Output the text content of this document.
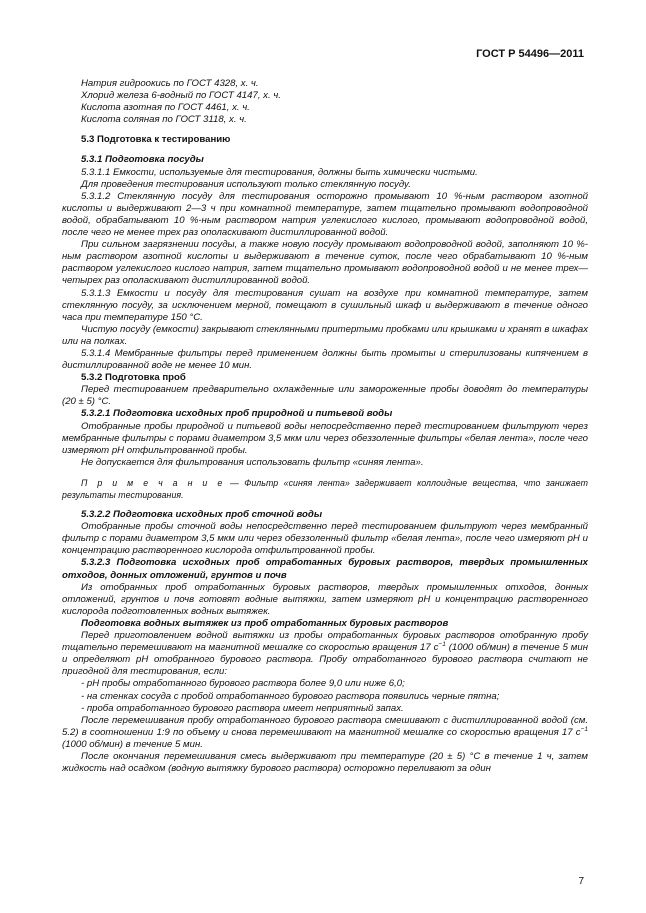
ГОСТ Р 54496—2011

Натрия гидроокись по ГОСТ 4328, х. ч.

Хлорид железа 6-водный по ГОСТ 4147, х. ч.

Кислота азотная по ГОСТ 4461, х. ч.

Кислота соляная по ГОСТ 3118, х. ч.

5.3 Подготовка к тестированию

5.3.1 Подготовка посуды

5.3.1.1 Емкости, используемые для тестирования, должны быть химически чистыми.

Для проведения тестирования используют только стеклянную посуду.

5.3.1.2 Стеклянную посуду для тестирования осторожно промывают 10 %-ным раствором азотной кислоты и выдерживают 2—3 ч при комнатной температуре, затем тщательно промывают водопроводной водой, обрабатывают 10 %-ным раствором натрия углекислого кислого, промывают водопроводной водой, после чего не менее трех раз ополаскивают дистиллированной водой.

При сильном загрязнении посуды, а также новую посуду промывают водопроводной водой, заполняют 10 %-ным раствором азотной кислоты и выдерживают в течение суток, после чего обрабатывают 10 %-ным раствором углекислого кислого натрия, затем тщательно промывают водопроводной водой и не менее трех—четырех раз ополаскивают дистиллированной водой.

5.3.1.3 Емкости и посуду для тестирования сушат на воздухе при комнатной температуре, затем стеклянную посуду, за исключением мерной, помещают в сушильный шкаф и выдерживают в течение одного часа при температуре 150 °С.

Чистую посуду (емкости) закрывают стеклянными притертыми пробками или крышками и хранят в шкафах или на полках.

5.3.1.4 Мембранные фильтры перед применением должны быть промыты и стерилизованы кипячением в дистиллированной воде не менее 10 мин.

5.3.2 Подготовка проб

Перед тестированием предварительно охлажденные или замороженные пробы доводят до температуры (20 ± 5) °С.

5.3.2.1 Подготовка исходных проб природной и питьевой воды

Отобранные пробы природной и питьевой воды непосредственно перед тестированием фильтруют через мембранные фильтры с порами диаметром 3,5 мкм или через обеззоленные фильтры «белая лента», после чего измеряют pH отфильтрованной пробы.

Не допускается для фильтрования использовать фильтр «синяя лента».

П р и м е ч а н и е — Фильтр «синяя лента» задерживает коллоидные вещества, что занижает результаты тестирования.

5.3.2.2 Подготовка исходных проб сточной воды

Отобранные пробы сточной воды непосредственно перед тестированием фильтруют через мембранный фильтр с порами диаметром 3,5 мкм или через обеззоленный фильтр «белая лента», после чего измеряют pH и концентрацию растворенного кислорода отфильтрованной пробы.

5.3.2.3 Подготовка исходных проб отработанных буровых растворов, твердых промышленных отходов, донных отложений, грунтов и почв

Из отобранных проб отработанных буровых растворов, твердых промышленных отходов, донных отложений, грунтов и почв готовят водные вытяжки, затем измеряют pH и концентрацию растворенного кислорода подготовленных водных вытяжек.

Подготовка водных вытяжек из проб отработанных буровых растворов

Перед приготовлением водной вытяжки из пробы отработанных буровых растворов отобранную пробу тщательно перемешивают на магнитной мешалке со скоростью вращения 17 $с^{-1}$ (1000 об/мин) в течение 5 мин и определяют pH отобранного бурового раствора. Пробу отработанного бурового раствора считают не пригодной для тестирования, если:

- pH пробы отработанного бурового раствора более 9,0 или ниже 6,0;

- на стенках сосуда с пробой отработанного бурового раствора появились черные пятна;

- проба отработанного бурового раствора имеет неприятный запах.

После перемешивания пробу отработанного бурового раствора смешивают с дистиллированной водой (см. 5.2) в соотношении 1:9 по объему и снова перемешивают на магнитной мешалке со скоростью вращения 17 $с^{-1}$ (1000 об/мин) в течение 5 мин.

После окончания перемешивания смесь выдерживают при температуре (20 ± 5) °С в течение 1 ч, затем жидкость над осадком (водную вытяжку бурового раствора) осторожно переливают за один

7
